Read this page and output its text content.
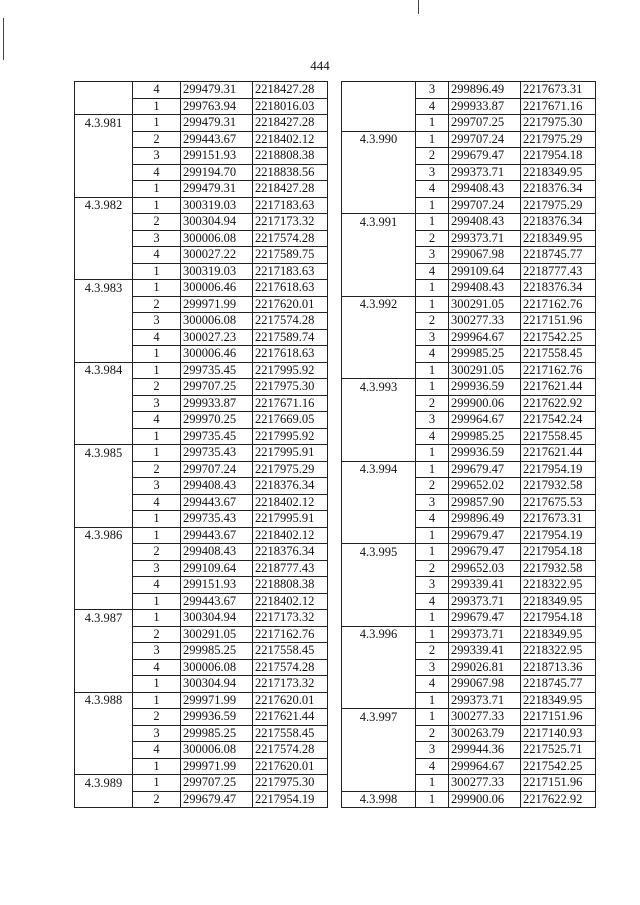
444
	4	299479.31	2218427.28
	1	299763.94	2218016.03
4.3.981	1	299479.31	2218427.28
	2	299443.67	2218402.12
	3	299151.93	2218808.38
	4	299194.70	2218838.56
	1	299479.31	2218427.28
4.3.982	1	300319.03	2217183.63
	2	300304.94	2217173.32
	3	300006.08	2217574.28
	4	300027.22	2217589.75
	1	300319.03	2217183.63
4.3.983	1	300006.46	2217618.63
	2	299971.99	2217620.01
	3	300006.08	2217574.28
	4	300027.23	2217589.74
	1	300006.46	2217618.63
4.3.984	1	299735.45	2217995.92
	2	299707.25	2217975.30
	3	299933.87	2217671.16
	4	299970.25	2217669.05
	1	299735.45	2217995.92
4.3.985	1	299735.43	2217995.91
	2	299707.24	2217975.29
	3	299408.43	2218376.34
	4	299443.67	2218402.12
	1	299735.43	2217995.91
4.3.986	1	299443.67	2218402.12
	2	299408.43	2218376.34
	3	299109.64	2218777.43
	4	299151.93	2218808.38
	1	299443.67	2218402.12
4.3.987	1	300304.94	2217173.32
	2	300291.05	2217162.76
	3	299985.25	2217558.45
	4	300006.08	2217574.28
	1	300304.94	2217173.32
4.3.988	1	299971.99	2217620.01
	2	299936.59	2217621.44
	3	299985.25	2217558.45
	4	300006.08	2217574.28
	1	299971.99	2217620.01
4.3.989	1	299707.25	2217975.30
	2	299679.47	2217954.19
	3	299896.49	2217673.31
	4	299933.87	2217671.16
	1	299707.25	2217975.30
4.3.990	1	299707.24	2217975.29
	2	299679.47	2217954.18
	3	299373.71	2218349.95
	4	299408.43	2218376.34
	1	299707.24	2217975.29
4.3.991	1	299408.43	2218376.34
	2	299373.71	2218349.95
	3	299067.98	2218745.77
	4	299109.64	2218777.43
	1	299408.43	2218376.34
4.3.992	1	300291.05	2217162.76
	2	300277.33	2217151.96
	3	299964.67	2217542.25
	4	299985.25	2217558.45
	1	300291.05	2217162.76
4.3.993	1	299936.59	2217621.44
	2	299900.06	2217622.92
	3	299964.67	2217542.24
	4	299985.25	2217558.45
	1	299936.59	2217621.44
4.3.994	1	299679.47	2217954.19
	2	299652.02	2217932.58
	3	299857.90	2217675.53
	4	299896.49	2217673.31
	1	299679.47	2217954.19
4.3.995	1	299679.47	2217954.18
	2	299652.03	2217932.58
	3	299339.41	2218322.95
	4	299373.71	2218349.95
	1	299679.47	2217954.18
4.3.996	1	299373.71	2218349.95
	2	299339.41	2218322.95
	3	299026.81	2218713.36
	4	299067.98	2218745.77
	1	299373.71	2218349.95
4.3.997	1	300277.33	2217151.96
	2	300263.79	2217140.93
	3	299944.36	2217525.71
	4	299964.67	2217542.25
	1	300277.33	2217151.96
4.3.998	1	299900.06	2217622.92
